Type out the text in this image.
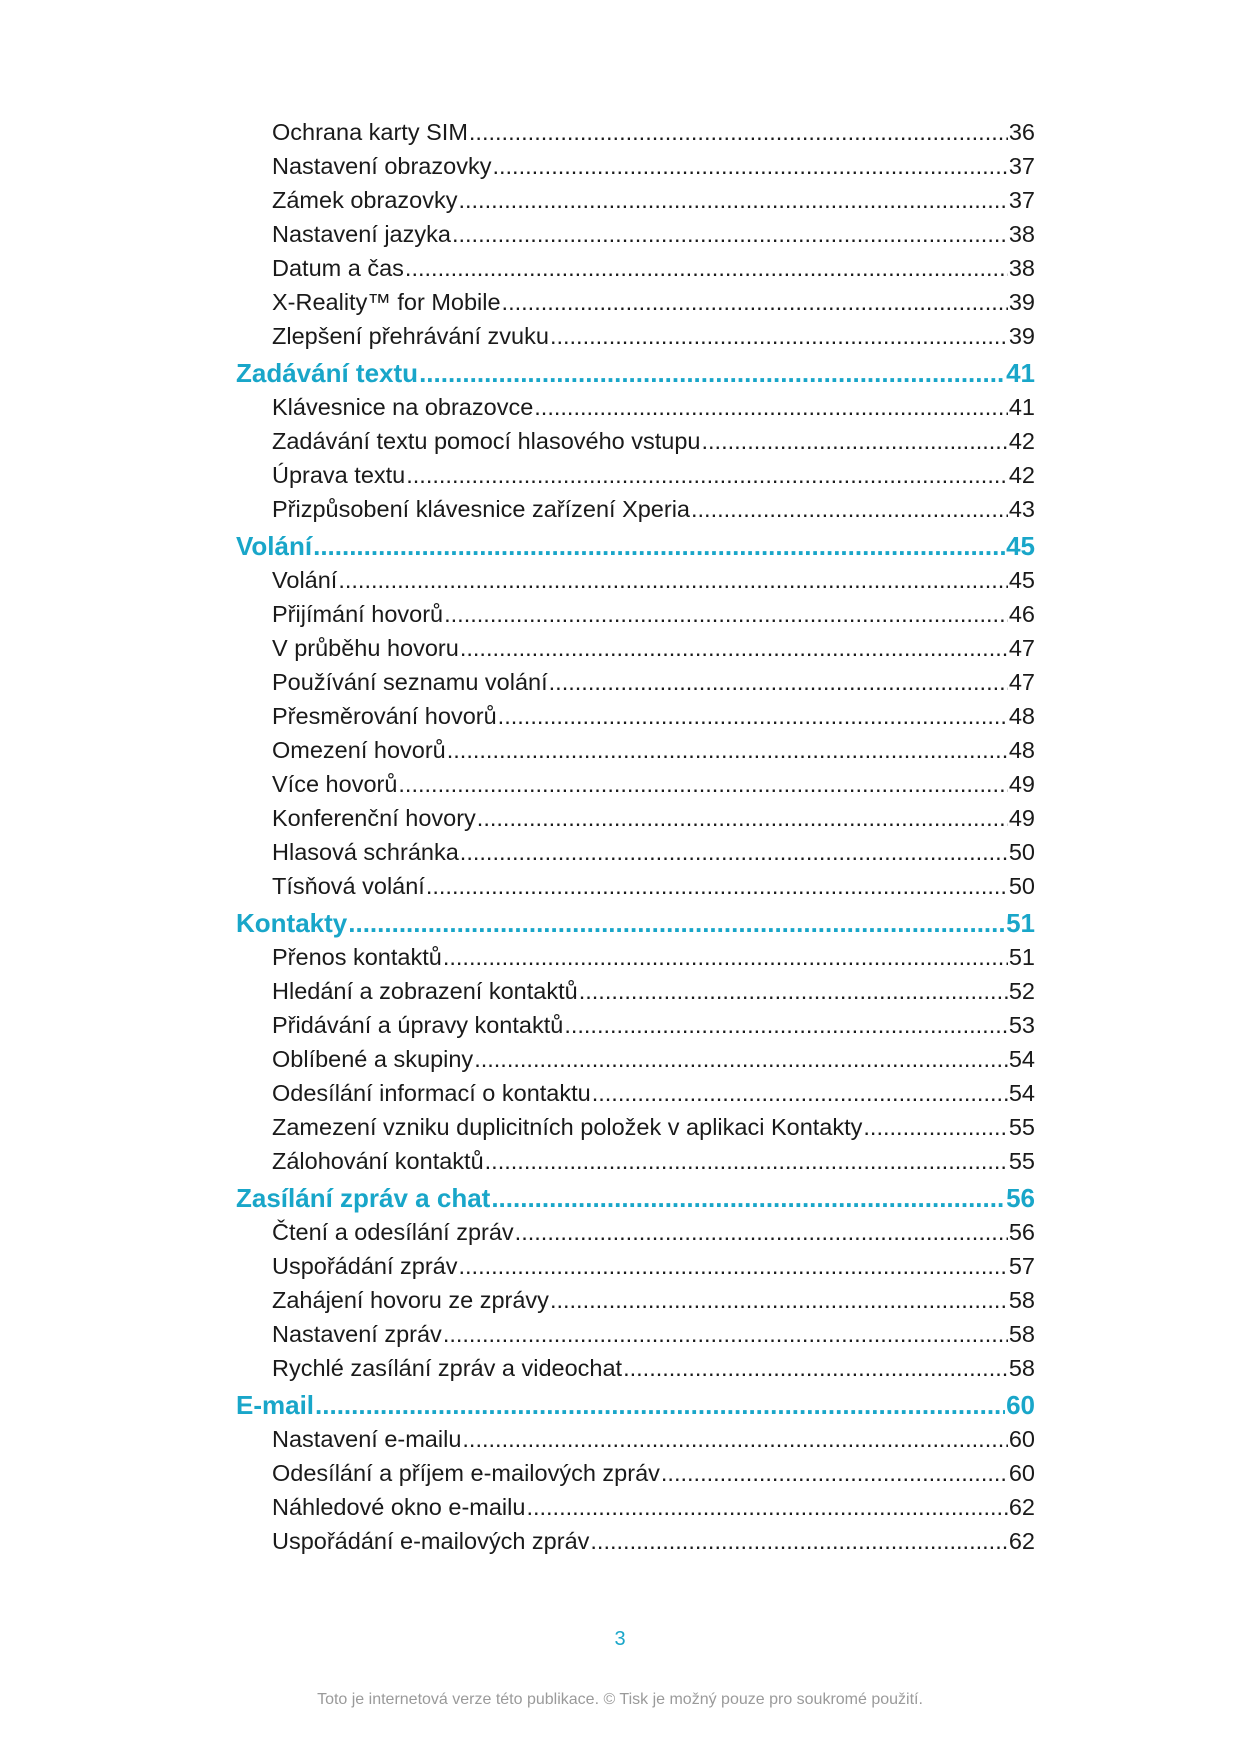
Ochrana karty SIM .....	36
Nastavení obrazovky .....	37
Zámek obrazovky .....	37
Nastavení jazyka .....	38
Datum a čas .....	38
X-Reality™ for Mobile .....	39
Zlepšení přehrávání zvuku .....	39
Zadávání textu .....	41
Klávesnice na obrazovce .....	41
Zadávání textu pomocí hlasového vstupu .....	42
Úprava textu .....	42
Přizpůsobení klávesnice zařízení Xperia .....	43
Volání .....	45
Volání .....	45
Přijímání hovorů .....	46
V průběhu hovoru .....	47
Používání seznamu volání .....	47
Přesměrování hovorů .....	48
Omezení hovorů .....	48
Více hovorů .....	49
Konferenční hovory .....	49
Hlasová schránka .....	50
Tísňová volání .....	50
Kontakty .....	51
Přenos kontaktů .....	51
Hledání a zobrazení kontaktů .....	52
Přidávání a úpravy kontaktů .....	53
Oblíbené a skupiny .....	54
Odesílání informací o kontaktu .....	54
Zamezení vzniku duplicitních položek v aplikaci Kontakty .....	55
Zálohování kontaktů .....	55
Zasílání zpráv a chat .....	56
Čtení a odesílání zpráv .....	56
Uspořádání zpráv .....	57
Zahájení hovoru ze zprávy .....	58
Nastavení zpráv .....	58
Rychlé zasílání zpráv a videochat .....	58
E-mail .....	60
Nastavení e-mailu .....	60
Odesílání a příjem e-mailových zpráv .....	60
Náhledové okno e-mailu .....	62
Uspořádání e-mailových zpráv .....	62
3
Toto je internetová verze této publikace. © Tisk je možný pouze pro soukromé použití.
